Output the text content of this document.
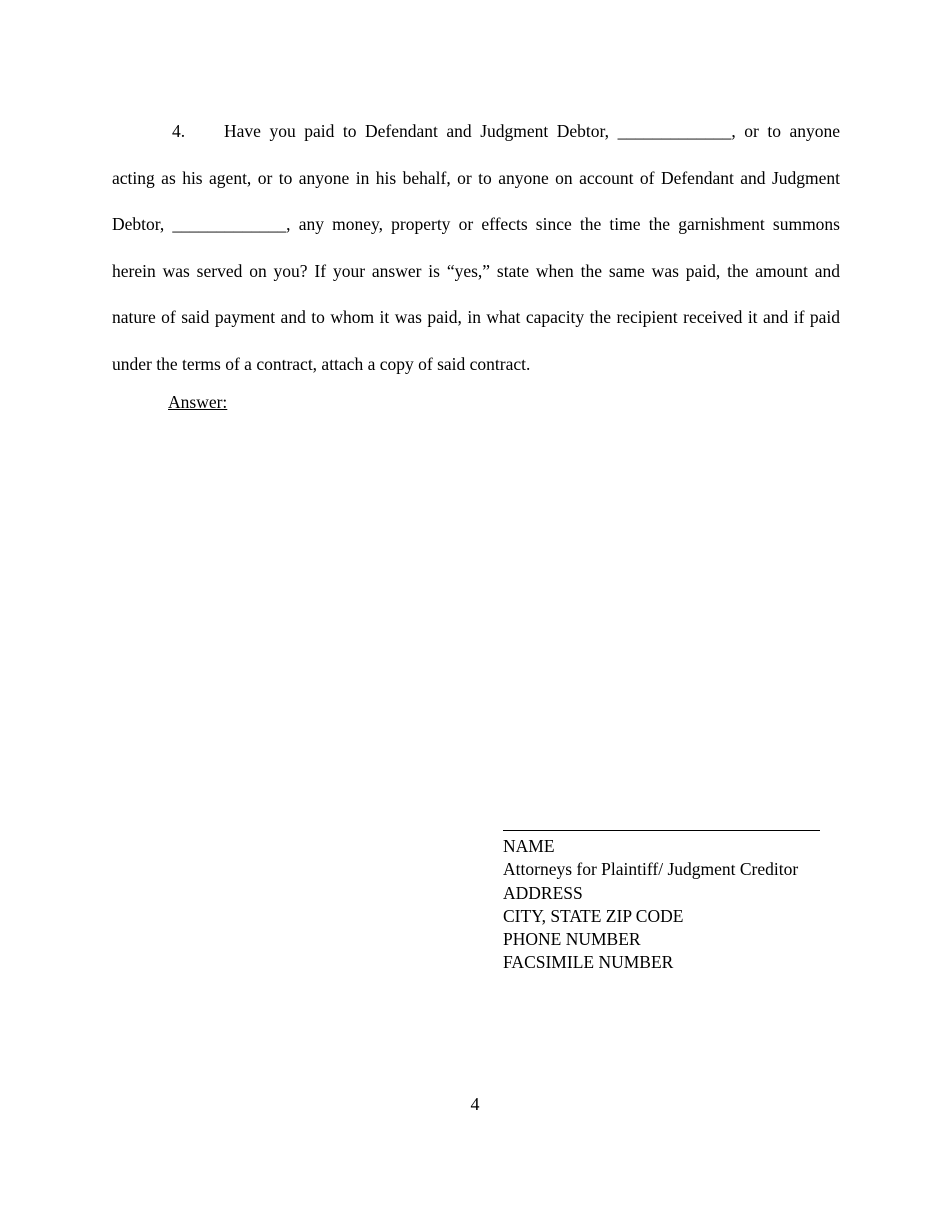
4. Have you paid to Defendant and Judgment Debtor, _____________, or to anyone acting as his agent, or to anyone in his behalf, or to anyone on account of Defendant and Judgment Debtor, _____________, any money, property or effects since the time the garnishment summons herein was served on you? If your answer is “yes,” state when the same was paid, the amount and nature of said payment and to whom it was paid, in what capacity the recipient received it and if paid under the terms of a contract, attach a copy of said contract.

Answer:
NAME
Attorneys for Plaintiff/ Judgment Creditor
ADDRESS
CITY, STATE ZIP CODE
PHONE NUMBER
FACSIMILE NUMBER
4
